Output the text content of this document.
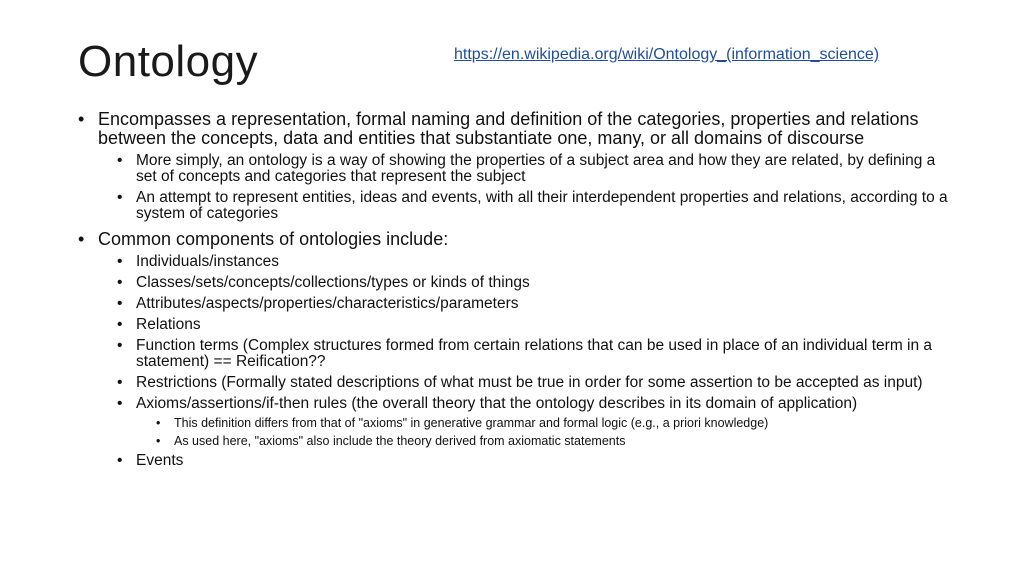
Ontology	https://en.wikipedia.org/wiki/Ontology_(information_science)
• Encompasses a representation, formal naming and definition of the categories, properties and relations between the concepts, data and entities that substantiate one, many, or all domains of discourse
• More simply, an ontology is a way of showing the properties of a subject area and how they are related, by defining a set of concepts and categories that represent the subject
• An attempt to represent entities, ideas and events, with all their interdependent properties and relations, according to a system of categories
• Common components of ontologies include:
• Individuals/instances
• Classes/sets/concepts/collections/types or kinds of things
• Attributes/aspects/properties/characteristics/parameters
• Relations
• Function terms (Complex structures formed from certain relations that can be used in place of an individual term in a statement) == Reification??
• Restrictions (Formally stated descriptions of what must be true in order for some assertion to be accepted as input)
• Axioms/assertions/if-then rules (the overall theory that the ontology describes in its domain of application)
• This definition differs from that of "axioms" in generative grammar and formal logic (e.g., a priori knowledge)
• As used here, "axioms" also include the theory derived from axiomatic statements
• Events
